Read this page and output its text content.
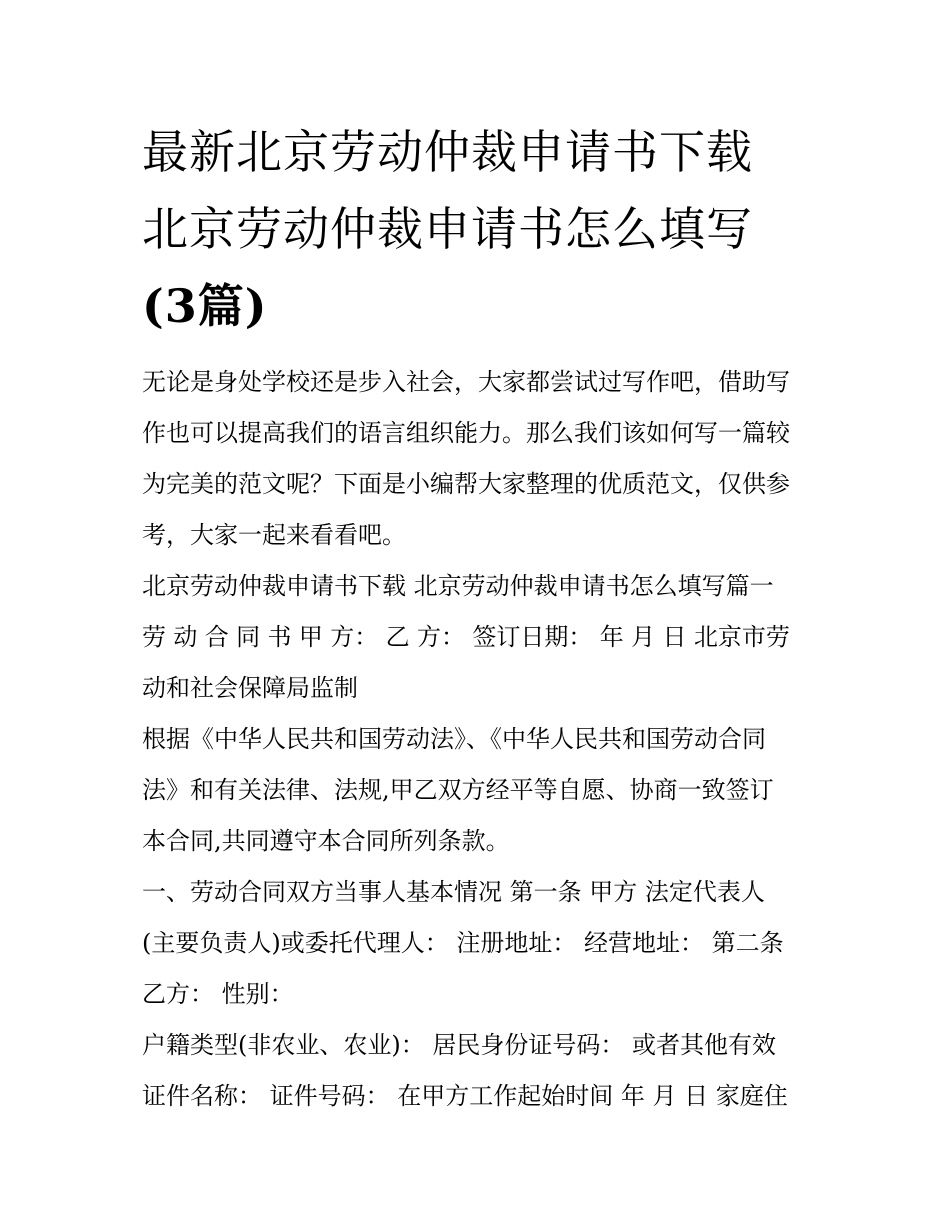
最新北京劳动仲裁申请书下载
北京劳动仲裁申请书怎么填写
(3篇)

无论是身处学校还是步入社会，大家都尝试过写作吧，借助写
作也可以提高我们的语言组织能力。那么我们该如何写一篇较
为完美的范文呢？下面是小编帮大家整理的优质范文，仅供参
考，大家一起来看看吧。

北京劳动仲裁申请书下载 北京劳动仲裁申请书怎么填写篇一
劳 动 合 同 书 甲 方： 乙 方： 签订日期： 年 月 日 北京市劳
动和社会保障局监制

根据《中华人民共和国劳动法》、《中华人民共和国劳动合同
法》和有关法律、法规,甲乙双方经平等自愿、协商一致签订
本合同,共同遵守本合同所列条款。

一、劳动合同双方当事人基本情况 第一条 甲方 法定代表人
(主要负责人)或委托代理人： 注册地址： 经营地址： 第二条
乙方： 性别：

户籍类型(非农业、农业)： 居民身份证号码： 或者其他有效
证件名称： 证件号码： 在甲方工作起始时间 年 月 日 家庭住
